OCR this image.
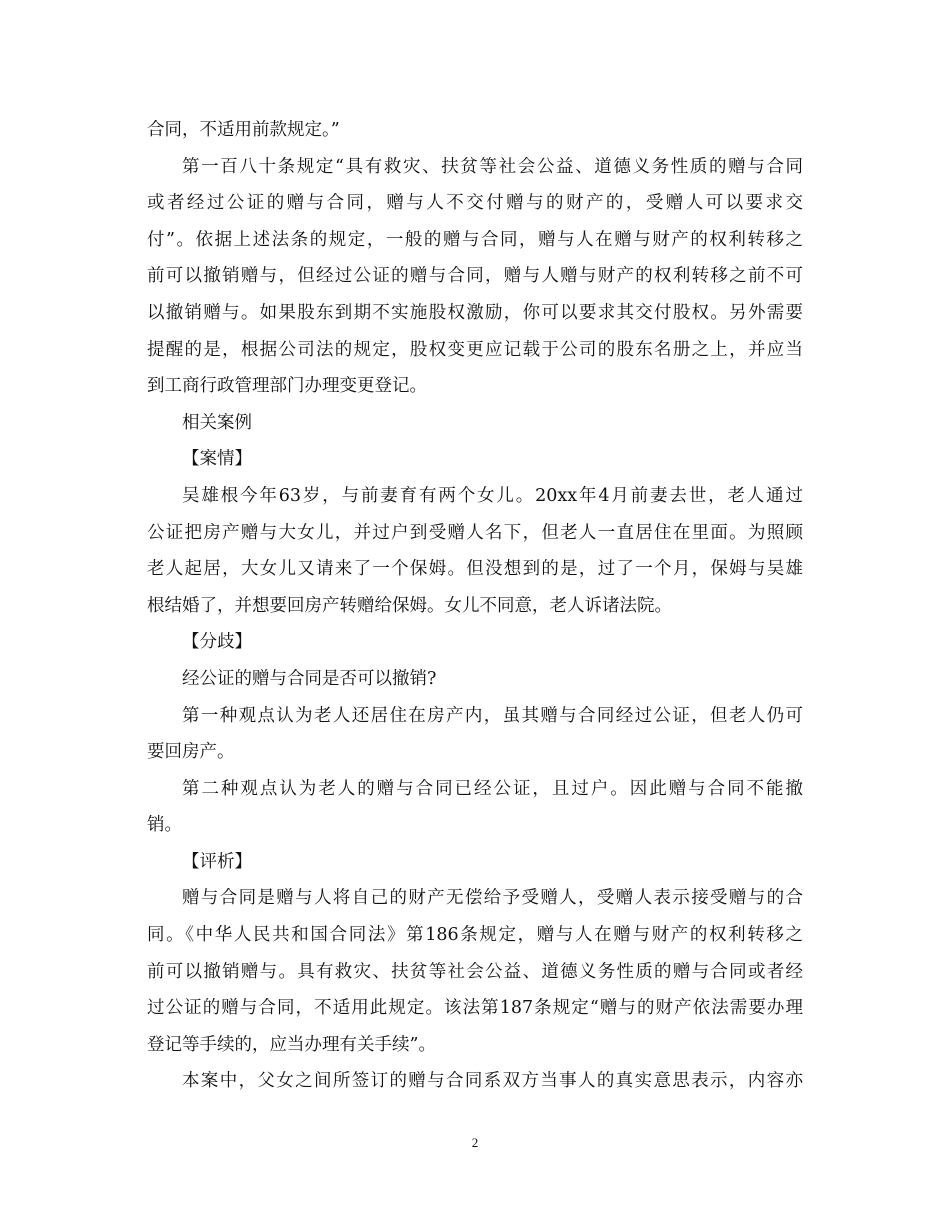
合同，不适用前款规定。”
第一百八十条规定“具有救灾、扶贫等社会公益、道德义务性质的赠与合同
或者经过公证的赠与合同，赠与人不交付赠与的财产的，受赠人可以要求交
付”。依据上述法条的规定，一般的赠与合同，赠与人在赠与财产的权利转移之
前可以撤销赠与，但经过公证的赠与合同，赠与人赠与财产的权利转移之前不可
以撤销赠与。如果股东到期不实施股权激励，你可以要求其交付股权。另外需要
提醒的是，根据公司法的规定，股权变更应记载于公司的股东名册之上，并应当
到工商行政管理部门办理变更登记。
相关案例
【案情】
吴雄根今年63岁，与前妻育有两个女儿。20xx年4月前妻去世，老人通过
公证把房产赠与大女儿，并过户到受赠人名下，但老人一直居住在里面。为照顾
老人起居，大女儿又请来了一个保姆。但没想到的是，过了一个月，保姆与吴雄
根结婚了，并想要回房产转赠给保姆。女儿不同意，老人诉诸法院。
【分歧】
经公证的赠与合同是否可以撤销?
第一种观点认为老人还居住在房产内，虽其赠与合同经过公证，但老人仍可
要回房产。
第二种观点认为老人的赠与合同已经公证，且过户。因此赠与合同不能撤
销。
【评析】
赠与合同是赠与人将自己的财产无偿给予受赠人，受赠人表示接受赠与的合
同。《中华人民共和国合同法》第186条规定，赠与人在赠与财产的权利转移之
前可以撤销赠与。具有救灾、扶贫等社会公益、道德义务性质的赠与合同或者经
过公证的赠与合同，不适用此规定。该法第187条规定“赠与的财产依法需要办理
登记等手续的，应当办理有关手续”。
本案中，父女之间所签订的赠与合同系双方当事人的真实意思表示，内容亦
2
